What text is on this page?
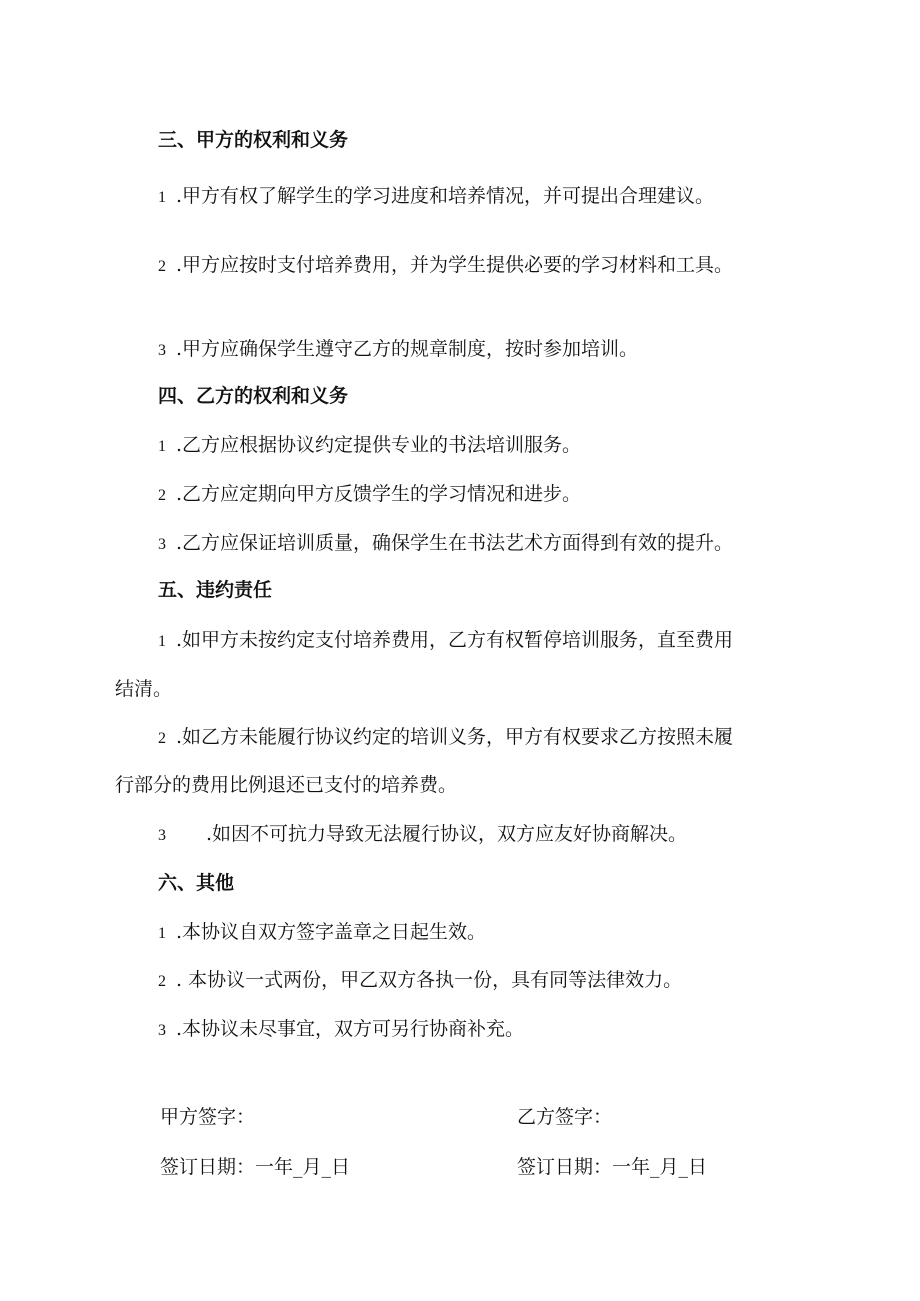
三、甲方的权利和义务
1 .甲方有权了解学生的学习进度和培养情况，并可提出合理建议。
2 .甲方应按时支付培养费用，并为学生提供必要的学习材料和工具。
3 .甲方应确保学生遵守乙方的规章制度，按时参加培训。
四、乙方的权利和义务
1 .乙方应根据协议约定提供专业的书法培训服务。
2 .乙方应定期向甲方反馈学生的学习情况和进步。
3 .乙方应保证培训质量，确保学生在书法艺术方面得到有效的提升。
五、违约责任
1 .如甲方未按约定支付培养费用，乙方有权暂停培训服务，直至费用
结清。
2 .如乙方未能履行协议约定的培训义务，甲方有权要求乙方按照未履
行部分的费用比例退还已支付的培养费。
3 .如因不可抗力导致无法履行协议，双方应友好协商解决。
六、其他
1 .本协议自双方签字盖章之日起生效。
2 . 本协议一式两份，甲乙双方各执一份，具有同等法律效力。
3 .本协议未尽事宜，双方可另行协商补充。
甲方签字：	乙方签字：
签订日期：一年_月_日	签订日期：一年_月_日
